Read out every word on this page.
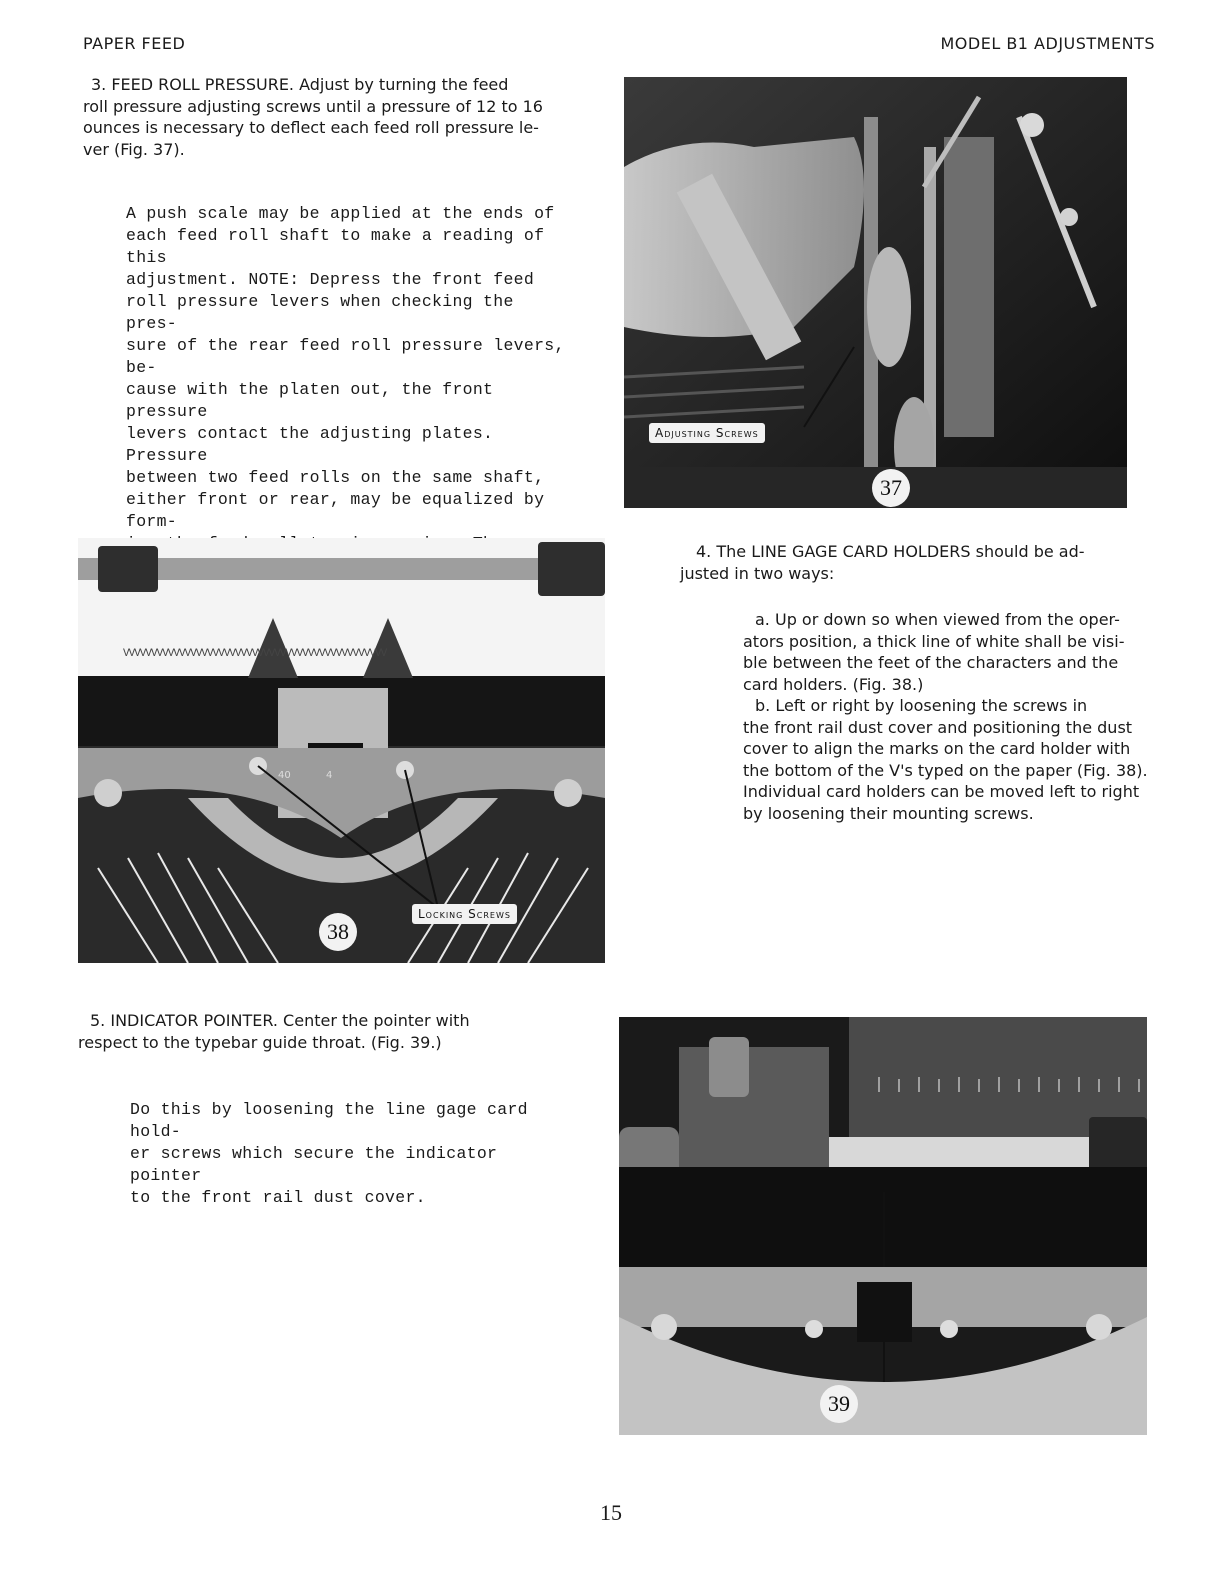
PAPER FEED	MODEL B1 ADJUSTMENTS
3. FEED ROLL PRESSURE. Adjust by turning the feed
roll pressure adjusting screws until a pressure of 12 to 16
ounces is necessary to deflect each feed roll pressure le-
ver (Fig. 37).
A push scale may be applied at the ends of
each feed roll shaft to make a reading of this
adjustment. NOTE: Depress the front feed
roll pressure levers when checking the pres-
sure of the rear feed roll pressure levers, be-
cause with the platen out, the front pressure
levers contact the adjusting plates. Pressure
between two feed rolls on the same shaft,
either front or rear, may be equalized by form-
Adjusting Screws
37
VVVVVVVVVVVVVVVVVVVVVVVVVVVVVVVVVVVVVVVVVVVVVVV
40	4
Locking Screws
38
4. The LINE GAGE CARD HOLDERS should be ad-
justed in two ways:
a. Up or down so when viewed from the oper-
ators position, a thick line of white shall be visi-
ble between the feet of the characters and the
card holders. (Fig. 38.)
b. Left or right by loosening the screws in
the front rail dust cover and positioning the dust
cover to align the marks on the card holder with
the bottom of the V's typed on the paper (Fig. 38).
Individual card holders can be moved left to right
by loosening their mounting screws.
5. INDICATOR POINTER. Center the pointer with
respect to the typebar guide throat. (Fig. 39.)
Do this by loosening the line gage card hold-
er screws which secure the indicator pointer
to the front rail dust cover.
39
15
